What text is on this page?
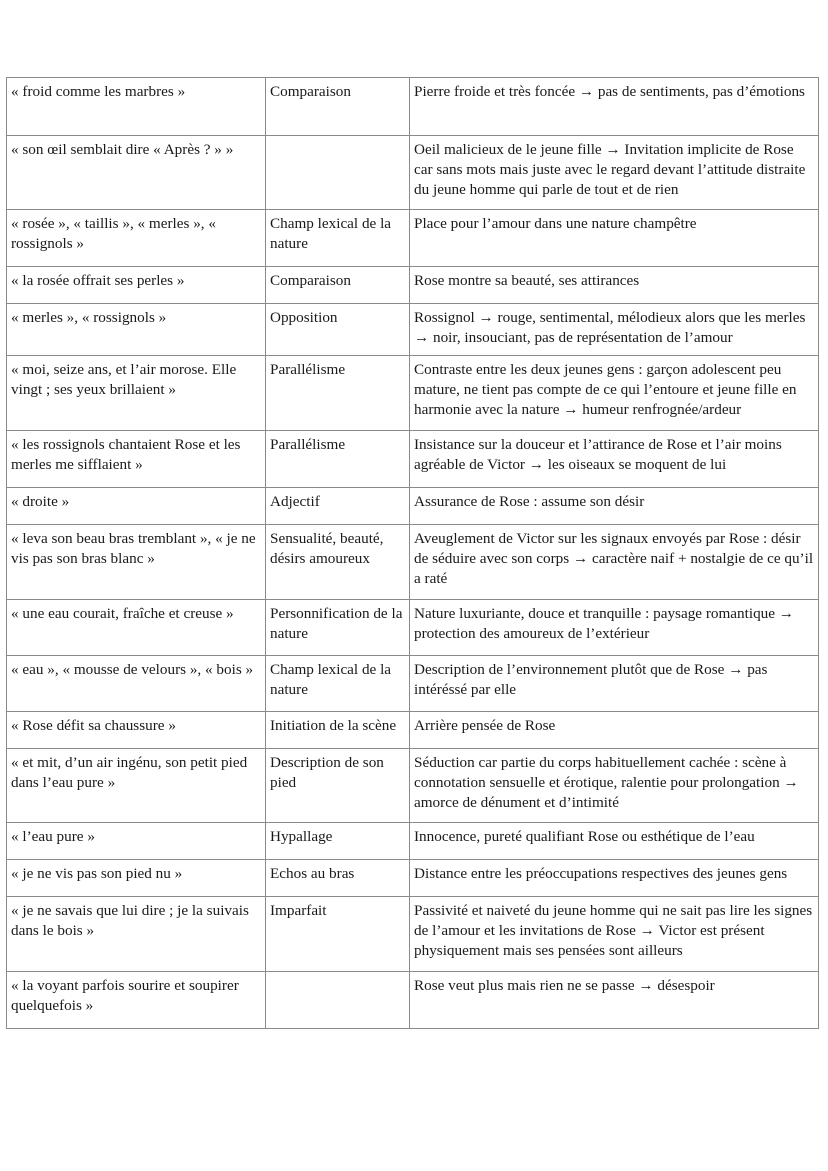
« froid comme les marbres »	Comparaison	Pierre froide et très foncée → pas de sentiments, pas d’émotions

« son œil semblait dire « Après ? » »		Oeil malicieux de le jeune fille → Invitation implicite de Rose car sans mots mais juste avec le regard devant l’attitude distraite du jeune homme qui parle de tout et de rien

« rosée », « taillis », « merles », « rossignols »	Champ lexical de la nature	Place pour l’amour dans une nature champêtre

« la rosée offrait ses perles »	Comparaison	Rose montre sa beauté, ses attirances

« merles », « rossignols »	Opposition	Rossignol → rouge, sentimental, mélodieux alors que les merles → noir, insouciant, pas de représentation de l’amour

« moi, seize ans, et l’air morose. Elle vingt ; ses yeux brillaient »	Parallélisme	Contraste entre les deux jeunes gens : garçon adolescent peu mature, ne tient pas compte de ce qui l’entoure et jeune fille en harmonie avec la nature → humeur renfrognée/ardeur

« les rossignols chantaient Rose et les merles me sifflaient »	Parallélisme	Insistance sur la douceur et l’attirance de Rose et l’air moins agréable de Victor → les oiseaux se moquent de lui

« droite »	Adjectif	Assurance de Rose : assume son désir

« leva son beau bras tremblant », « je ne vis pas son bras blanc »	Sensualité, beauté, désirs amoureux	Aveuglement de Victor sur les signaux envoyés par Rose : désir de séduire avec son corps → caractère naif + nostalgie de ce qu’il a raté

« une eau courait, fraîche et creuse »	Personnification de la nature	Nature luxuriante, douce et tranquille : paysage romantique → protection des amoureux de l’extérieur

« eau », « mousse de velours », « bois »	Champ lexical de la nature	Description de l’environnement plutôt que de Rose → pas intéréssé par elle

« Rose défit sa chaussure »	Initiation de la scène	Arrière pensée de Rose

« et mit, d’un air ingénu, son petit pied dans l’eau pure »	Description de son pied	Séduction car partie du corps habituellement cachée : scène à connotation sensuelle et érotique, ralentie pour prolongation → amorce de dénument et d’intimité

« l’eau pure »	Hypallage	Innocence, pureté qualifiant Rose ou esthétique de l’eau

« je ne vis pas son pied nu »	Echos au bras	Distance entre les préoccupations respectives des jeunes gens

« je ne savais que lui dire ; je la suivais dans le bois »	Imparfait	Passivité et naiveté du jeune homme qui ne sait pas lire les signes de l’amour et les invitations de Rose → Victor est présent physiquement mais ses pensées sont ailleurs

« la voyant parfois sourire et soupirer quelquefois »		Rose veut plus mais rien ne se passe → désespoir
